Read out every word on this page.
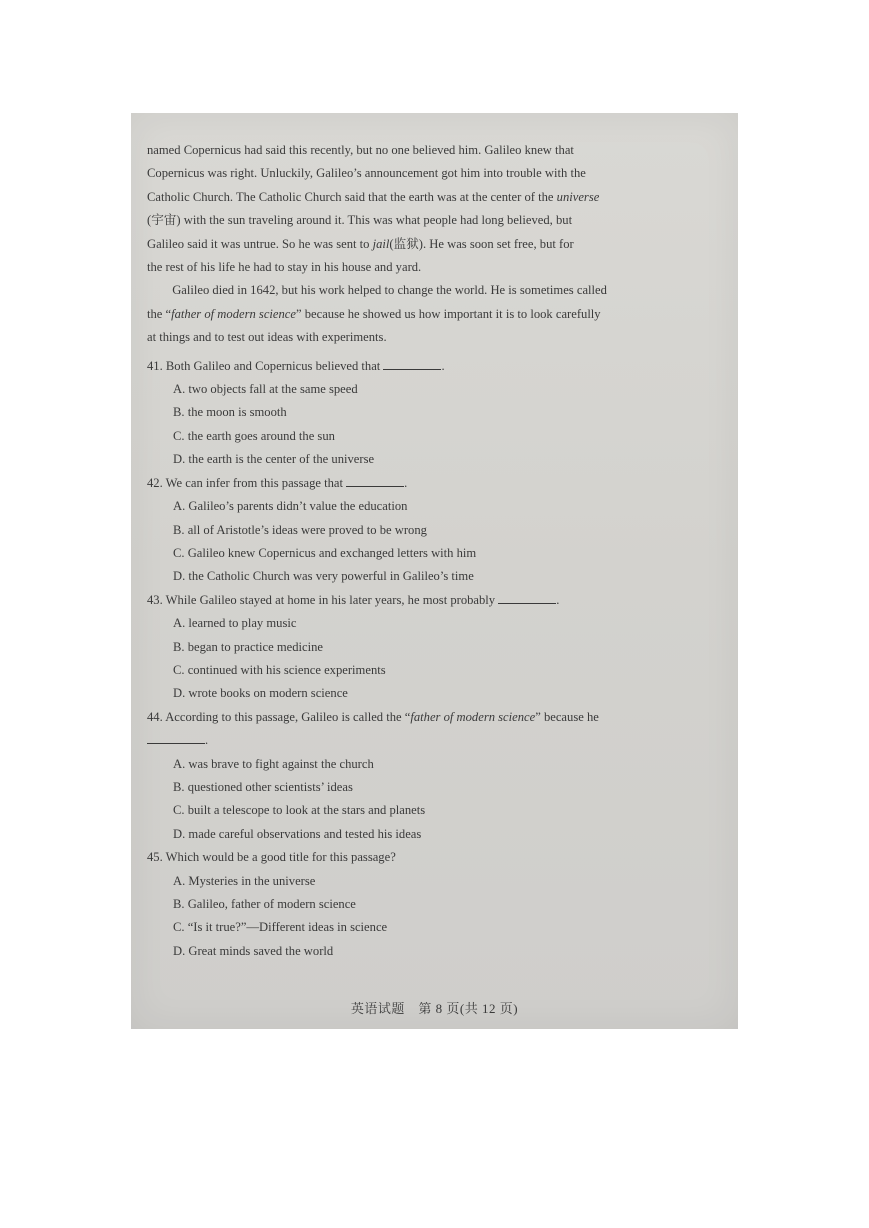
named Copernicus had said this recently, but no one believed him. Galileo knew that
Copernicus was right. Unluckily, Galileo’s announcement got him into trouble with the
Catholic Church. The Catholic Church said that the earth was at the center of the universe
(宇宙) with the sun traveling around it. This was what people had long believed, but
Galileo said it was untrue. So he was sent to jail(监狱). He was soon set free, but for
the rest of his life he had to stay in his house and yard.

Galileo died in 1642, but his work helped to change the world. He is sometimes called
the “father of modern science” because he showed us how important it is to look carefully
at things and to test out ideas with experiments.

41. Both Galileo and Copernicus believed that	.
A. two objects fall at the same speed
B. the moon is smooth
C. the earth goes around the sun
D. the earth is the center of the universe
42. We can infer from this passage that	.
A. Galileo’s parents didn’t value the education
B. all of Aristotle’s ideas were proved to be wrong
C. Galileo knew Copernicus and exchanged letters with him
D. the Catholic Church was very powerful in Galileo’s time
43. While Galileo stayed at home in his later years, he most probably	.
A. learned to play music
B. began to practice medicine
C. continued with his science experiments
D. wrote books on modern science
44. According to this passage, Galileo is called the “father of modern science” because he
.
A. was brave to fight against the church
B. questioned other scientists’ ideas
C. built a telescope to look at the stars and planets
D. made careful observations and tested his ideas
45. Which would be a good title for this passage?
A. Mysteries in the universe
B. Galileo, father of modern science
C. “Is it true?”—Different ideas in science
D. Great minds saved the world
英语试题　第 8 页(共 12 页)
